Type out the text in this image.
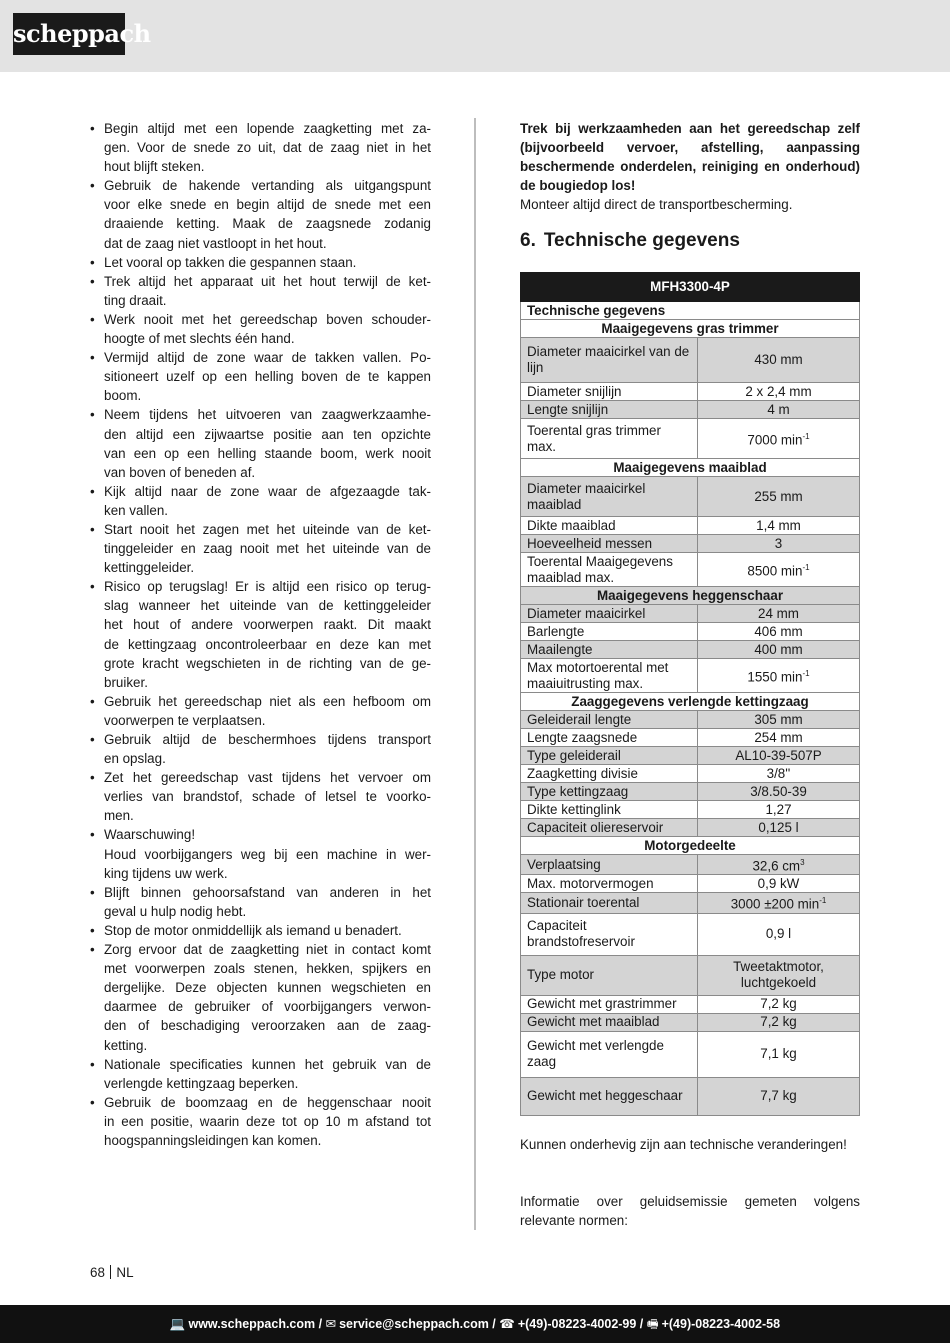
scheppach
• Begin altijd met een lopende zaagketting met za-
gen. Voor de snede zo uit, dat de zaag niet in het
hout blijft steken.
• Gebruik de hakende vertanding als uitgangspunt
voor elke snede en begin altijd de snede met een
draaiende ketting. Maak de zaagsnede zodanig
dat de zaag niet vastloopt in het hout.
• Let vooral op takken die gespannen staan.
• Trek altijd het apparaat uit het hout terwijl de ket-
ting draait.
• Werk nooit met het gereedschap boven schouder-
hoogte of met slechts één hand.
• Vermijd altijd de zone waar de takken vallen. Po-
sitioneert uzelf op een helling boven de te kappen
boom.
• Neem tijdens het uitvoeren van zaagwerkzaamhe-
den altijd een zijwaartse positie aan ten opzichte
van een op een helling staande boom, werk nooit
van boven of beneden af.
• Kijk altijd naar de zone waar de afgezaagde tak-
ken vallen.
• Start nooit het zagen met het uiteinde van de ket-
tinggeleider en zaag nooit met het uiteinde van de
kettinggeleider.
• Risico op terugslag! Er is altijd een risico op terug-
slag wanneer het uiteinde van de kettinggeleider
het hout of andere voorwerpen raakt. Dit maakt
de kettingzaag oncontroleerbaar en deze kan met
grote kracht wegschieten in de richting van de ge-
bruiker.
• Gebruik het gereedschap niet als een hefboom om
voorwerpen te verplaatsen.
• Gebruik altijd de beschermhoes tijdens transport
en opslag.
• Zet het gereedschap vast tijdens het vervoer om
verlies van brandstof, schade of letsel te voorko-
men.
• Waarschuwing!
Houd voorbijgangers weg bij een machine in wer-
king tijdens uw werk.
• Blijft binnen gehoorsafstand van anderen in het
geval u hulp nodig hebt.
• Stop de motor onmiddellijk als iemand u benadert.
• Zorg ervoor dat de zaagketting niet in contact komt
met voorwerpen zoals stenen, hekken, spijkers en
dergelijke. Deze objecten kunnen wegschieten en
daarmee de gebruiker of voorbijgangers verwon-
den of beschadiging veroorzaken aan de zaag-
ketting.
• Nationale specificaties kunnen het gebruik van de
verlengde kettingzaag beperken.
• Gebruik de boomzaag en de heggenschaar nooit
in een positie, waarin deze tot op 10 m afstand tot
hoogspanningsleidingen kan komen.

Trek bij werkzaamheden aan het gereedschap zelf (bijvoorbeeld vervoer, afstelling, aanpassing beschermende onderdelen, reiniging en onderhoud) de bougiedop los!

Monteer altijd direct de transportbescherming.

6. Technische gegevens
MFH3300-4P	
Technische gegevens	
Maaigegevens gras trimmer	
Diameter maaicirkel van de lijn	430 mm
Diameter snijlijn	2 x 2,4 mm
Lengte snijlijn	4 m
Toerental gras trimmer max.	7000 $\min^{-1}$
Maaigegevens maaiblad	
Diameter maaicirkel maaiblad	255 mm
Dikte maaiblad	1,4 mm
Hoeveelheid messen	3
Toerental Maaigegevens maaiblad max.	8500 $\min^{-1}$
Maaigegevens heggenschaar	
Diameter maaicirkel	24 mm
Barlengte	406 mm
Maailengte	400 mm
Max motortoerental met maaiuitrusting max.	1550 $\min^{-1}$
Zaaggegevens verlengde kettingzaag	
Geleiderail lengte	305 mm
Lengte zaagsnede	254 mm
Type geleiderail	AL10-39-507P
Zaagketting divisie	3/8''
Type kettingzaag	3/8.50-39
Dikte kettinglink	1,27
Capaciteit oliereservoir	0,125 l
Motorgedeelte	
Verplaatsing	32,6 $cm^3$
Max. motorvermogen	0,9 kW
Stationair toerental	3000 ±200 $\min^{-1}$
Capaciteit brandstofreservoir	0,9 l
Type motor	Tweetaktmotor, luchtgekoeld
Gewicht met grastrimmer	7,2 kg
Gewicht met maaiblad	7,2 kg
Gewicht met verlengde zaag	7,1 kg
Gewicht met heggeschaar	7,7 kg

Kunnen onderhevig zijn aan technische veranderingen!

Informatie over geluidsemissie gemeten volgens relevante normen:

68 NL
💻 www.scheppach.com / ✉ service@scheppach.com / ☎ +(49)-08223-4002-99 / 🖷 +(49)-08223-4002-58
